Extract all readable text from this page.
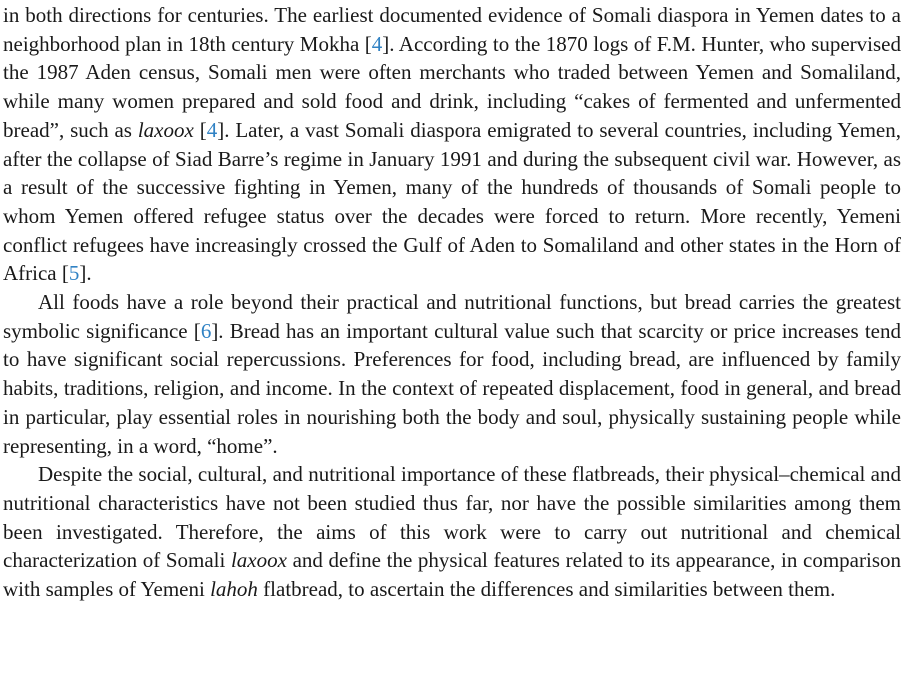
in both directions for centuries. The earliest documented evidence of Somali diaspora in Yemen dates to a neighborhood plan in 18th century Mokha [4]. According to the 1870 logs of F.M. Hunter, who supervised the 1987 Aden census, Somali men were often merchants who traded between Yemen and Somaliland, while many women prepared and sold food and drink, including “cakes of fermented and unfermented bread”, such as laxoox [4]. Later, a vast Somali diaspora emigrated to several countries, including Yemen, after the collapse of Siad Barre’s regime in January 1991 and during the subsequent civil war. However, as a result of the successive fighting in Yemen, many of the hundreds of thousands of Somali people to whom Yemen offered refugee status over the decades were forced to return. More recently, Yemeni conflict refugees have increasingly crossed the Gulf of Aden to Somaliland and other states in the Horn of Africa [5].

All foods have a role beyond their practical and nutritional functions, but bread carries the greatest symbolic significance [6]. Bread has an important cultural value such that scarcity or price increases tend to have significant social repercussions. Preferences for food, including bread, are influenced by family habits, traditions, religion, and income. In the context of repeated displacement, food in general, and bread in particular, play essential roles in nourishing both the body and soul, physically sustaining people while representing, in a word, “home”.

Despite the social, cultural, and nutritional importance of these flatbreads, their physical–chemical and nutritional characteristics have not been studied thus far, nor have the possible similarities among them been investigated. Therefore, the aims of this work were to carry out nutritional and chemical characterization of Somali laxoox and define the physical features related to its appearance, in comparison with samples of Yemeni lahoh flatbread, to ascertain the differences and similarities between them.
